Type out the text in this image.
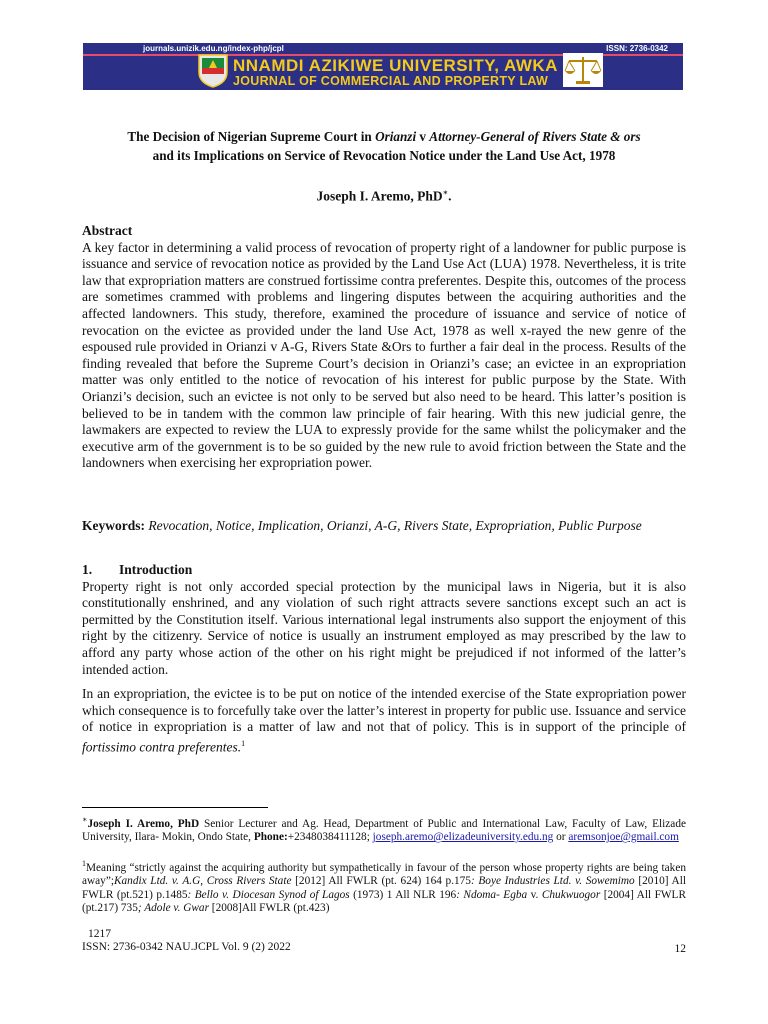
journals.unizik.edu.ng/index-php/jcpl	ISSN: 2736-0342
NNAMDI AZIKIWE UNIVERSITY, AWKA
JOURNAL OF COMMERCIAL AND PROPERTY LAW
The Decision of Nigerian Supreme Court in Orianzi v Attorney-General of Rivers State & ors
and its Implications on Service of Revocation Notice under the Land Use Act, 1978
Joseph I. Aremo, PhD∗.
Abstract
A key factor in determining a valid process of revocation of property right of a landowner for public purpose is issuance and service of revocation notice as provided by the Land Use Act (LUA) 1978. Nevertheless, it is trite law that expropriation matters are construed fortissime contra preferentes. Despite this, outcomes of the process are sometimes crammed with problems and lingering disputes between the acquiring authorities and the affected landowners. This study, therefore, examined the procedure of issuance and service of notice of revocation on the evictee as provided under the land Use Act, 1978 as well x-rayed the new genre of the espoused rule provided in Orianzi v A-G, Rivers State &Ors to further a fair deal in the process. Results of the finding revealed that before the Supreme Court’s decision in Orianzi’s case; an evictee in an expropriation matter was only entitled to the notice of revocation of his interest for public purpose by the State. With Orianzi’s decision, such an evictee is not only to be served but also need to be heard. This latter’s position is believed to be in tandem with the common law principle of fair hearing. With this new judicial genre, the lawmakers are expected to review the LUA to expressly provide for the same whilst the policymaker and the executive arm of the government is to be so guided by the new rule to avoid friction between the State and the landowners when exercising her expropriation power.
Keywords: Revocation, Notice, Implication, Orianzi, A-G, Rivers State, Expropriation, Public Purpose
1. Introduction
Property right is not only accorded special protection by the municipal laws in Nigeria, but it is also constitutionally enshrined, and any violation of such right attracts severe sanctions except such an act is permitted by the Constitution itself. Various international legal instruments also support the enjoyment of this right by the citizenry. Service of notice is usually an instrument employed as may prescribed by the law to afford any party whose action of the other on his right might be prejudiced if not informed of the latter’s intended action.
In an expropriation, the evictee is to be put on notice of the intended exercise of the State expropriation power which consequence is to forcefully take over the latter’s interest in property for public use. Issuance and service of notice in expropriation is a matter of law and not that of policy. This is in support of the principle of fortissimo contra preferentes.$^1$
∗Joseph I. Aremo, PhD Senior Lecturer and Ag. Head, Department of Public and International Law, Faculty of Law, Elizade University, Ilara- Mokin, Ondo State, Phone:+2348038411128; joseph.aremo@elizadeuniversity.edu.ng or aremsonjoe@gmail.com
$^1$Meaning “strictly against the acquiring authority but sympathetically in favour of the person whose property rights are being taken away”;Kandix Ltd. v. A.G, Cross Rivers State [2012] All FWLR (pt. 624) 164 p.175: Boye Industries Ltd. v. Sowemimo [2010] All FWLR (pt.521) p.1485: Bello v. Diocesan Synod of Lagos (1973) 1 All NLR 196: Ndoma- Egba v. Chukwuogor [2004] All FWLR (pt.217) 735; Adole v. Gwar [2008]All FWLR (pt.423)
1217
ISSN: 2736-0342 NAU.JCPL Vol. 9 (2) 2022	12
